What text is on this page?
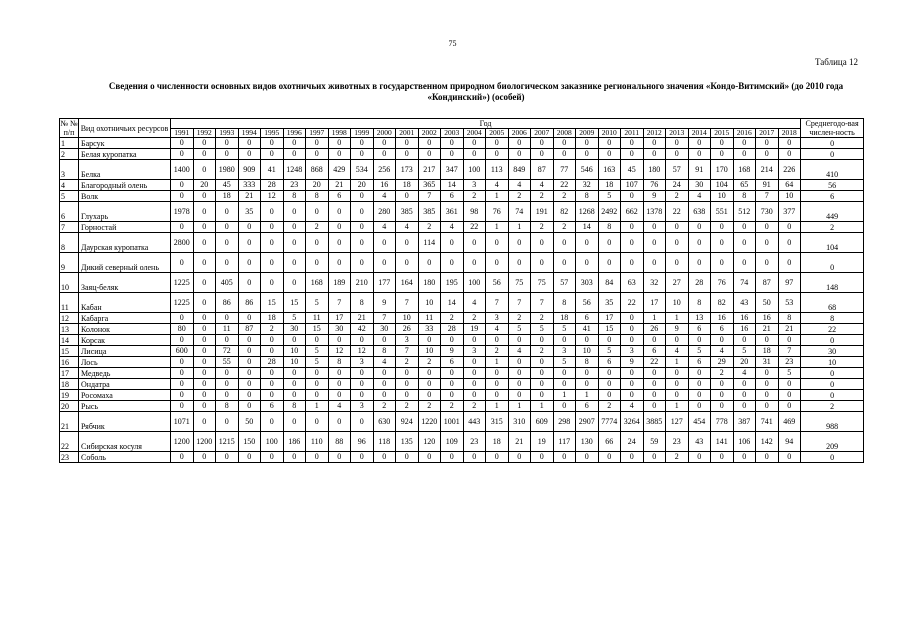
75
Таблица 12
Сведения о численности основных видов охотничьих животных в государственном природном биологическом заказнике регионального значения «Кондо-Витимский» (до 2010 года «Кондинский») (особей)
№ № п/п	Вид охотничьих ресурсов	Год																												Среднегодо-вая числен-ность
		1991	1992	1993	1994	1995	1996	1997	1998	1999	2000	2001	2002	2003	2004	2005	2006	2007	2008	2009	2010	2011	2012	2013	2014	2015	2016	2017	2018	
1	Барсук	0	0	0	0	0	0	0	0	0	0	0	0	0	0	0	0	0	0	0	0	0	0	0	0	0	0	0	0	0
2	Белая куропатка	0	0	0	0	0	0	0	0	0	0	0	0	0	0	0	0	0	0	0	0	0	0	0	0	0	0	0	0	0
3	Белка	1400	0	1980	909	41	1248	868	429	534	256	173	217	347	100	113	849	87	77	546	163	45	180	57	91	170	168	214	226	410
4	Благородный олень	0	20	45	333	28	23	20	21	20	16	18	365	14	3	4	4	4	22	32	18	107	76	24	30	104	65	91	64	56
5	Волк	0	0	18	21	12	8	8	6	0	4	0	7	6	2	1	2	2	2	8	5	0	9	2	4	10	8	7	10	6
6	Глухарь	1978	0	0	35	0	0	0	0	0	280	385	385	361	98	76	74	191	82	1268	2492	662	1378	22	638	551	512	730	377	449
7	Горностай	0	0	0	0	0	0	2	0	0	4	4	2	4	22	1	1	2	2	14	8	0	0	0	0	0	0	0	0	2
8	Даурская куропатка	2800	0	0	0	0	0	0	0	0	0	0	114	0	0	0	0	0	0	0	0	0	0	0	0	0	0	0	0	104
9	Дикий северный олень	0	0	0	0	0	0	0	0	0	0	0	0	0	0	0	0	0	0	0	0	0	0	0	0	0	0	0	0	0
10	Заяц-беляк	1225	0	405	0	0	0	168	189	210	177	164	180	195	100	56	75	75	57	303	84	63	32	27	28	76	74	87	97	148
11	Кабан	1225	0	86	86	15	15	5	7	8	9	7	10	14	4	7	7	7	8	56	35	22	17	10	8	82	43	50	53	68
12	Кабарга	0	0	0	0	18	5	11	17	21	7	10	11	2	2	3	2	2	18	6	17	0	1	1	13	16	16	16	8	8
13	Колонок	80	0	11	87	2	30	15	30	42	30	26	33	28	19	4	5	5	5	41	15	0	26	9	6	6	16	21	21	22
14	Корсак	0	0	0	0	0	0	0	0	0	0	3	0	0	0	0	0	0	0	0	0	0	0	0	0	0	0	0	0	0
15	Лисица	600	0	72	0	0	10	5	12	12	8	7	10	9	3	2	4	2	3	10	5	3	6	4	5	4	5	18	7	30
16	Лось	0	0	55	0	28	10	5	8	3	4	2	2	6	0	1	0	0	5	8	6	9	22	1	6	29	20	31	23	10
17	Медведь	0	0	0	0	0	0	0	0	0	0	0	0	0	0	0	0	0	0	0	0	0	0	0	0	2	4	0	5	0
18	Ондатра	0	0	0	0	0	0	0	0	0	0	0	0	0	0	0	0	0	0	0	0	0	0	0	0	0	0	0	0	0
19	Росомаха	0	0	0	0	0	0	0	0	0	0	0	0	0	0	0	0	0	1	1	0	0	0	0	0	0	0	0	0	0
20	Рысь	0	0	8	0	6	8	1	4	3	2	2	2	2	2	1	1	1	0	6	2	4	0	1	0	0	0	0	0	2
21	Рябчик	1071	0	0	50	0	0	0	0	0	630	924	1220	1001	443	315	310	609	298	2907	7774	3264	3885	127	454	778	387	741	469	988
22	Сибирская косуля	1200	1200	1215	150	100	186	110	88	96	118	135	120	109	23	18	21	19	117	130	66	24	59	23	43	141	106	142	94	209
23	Соболь	0	0	0	0	0	0	0	0	0	0	0	0	0	0	0	0	0	0	0	0	0	0	2	0	0	0	0	0	0
